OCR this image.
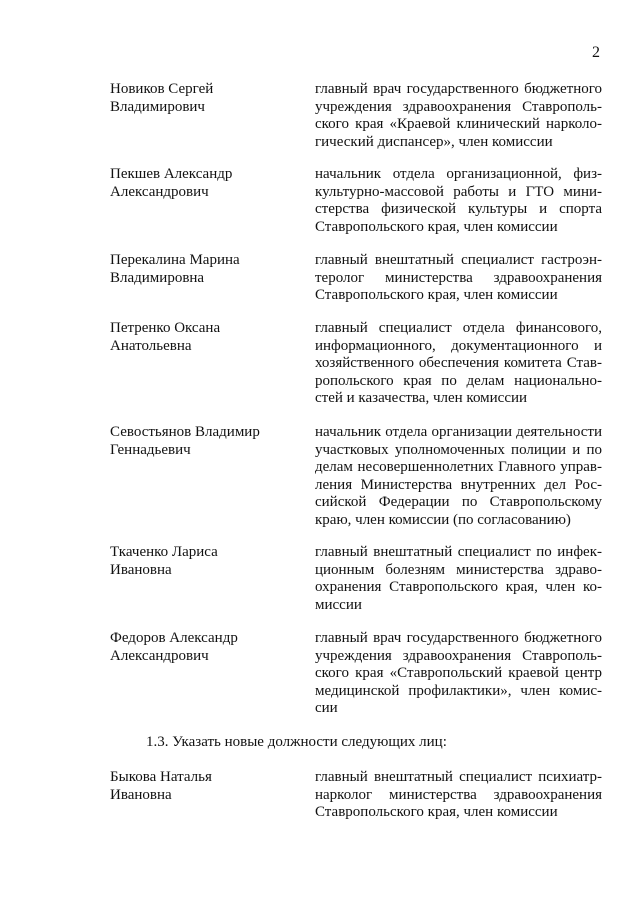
2
Новиков Сергей
Владимирович
главный врач государственного бюджетного
учреждения здравоохранения Ставрополь-
ского края «Краевой клинический нарколо-
гический диспансер», член комиссии
Пекшев Александр
Александрович
начальник отдела организационной, физ-
культурно-массовой работы и ГТО мини-
стерства физической культуры и спорта
Ставропольского края, член комиссии
Перекалина Марина
Владимировна
главный внештатный специалист гастроэн-
теролог министерства здравоохранения
Ставропольского края, член комиссии
Петренко Оксана
Анатольевна
главный специалист отдела финансового,
информационного, документационного и
хозяйственного обеспечения комитета Став-
ропольского края по делам национально-
стей и казачества, член комиссии
Севостьянов Владимир
Геннадьевич
начальник отдела организации деятельности
участковых уполномоченных полиции и по
делам несовершеннолетних Главного управ-
ления Министерства внутренних дел Рос-
сийской Федерации по Ставропольскому
краю, член комиссии (по согласованию)
Ткаченко Лариса
Ивановна
главный внештатный специалист по инфек-
ционным болезням министерства здраво-
охранения Ставропольского края, член ко-
миссии
Федоров Александр
Александрович
главный врач государственного бюджетного
учреждения здравоохранения Ставрополь-
ского края «Ставропольский краевой центр
медицинской профилактики», член комис-
сии
1.3. Указать новые должности следующих лиц:
Быкова Наталья
Ивановна
главный внештатный специалист психиатр-
нарколог министерства здравоохранения
Ставропольского края, член комиссии
